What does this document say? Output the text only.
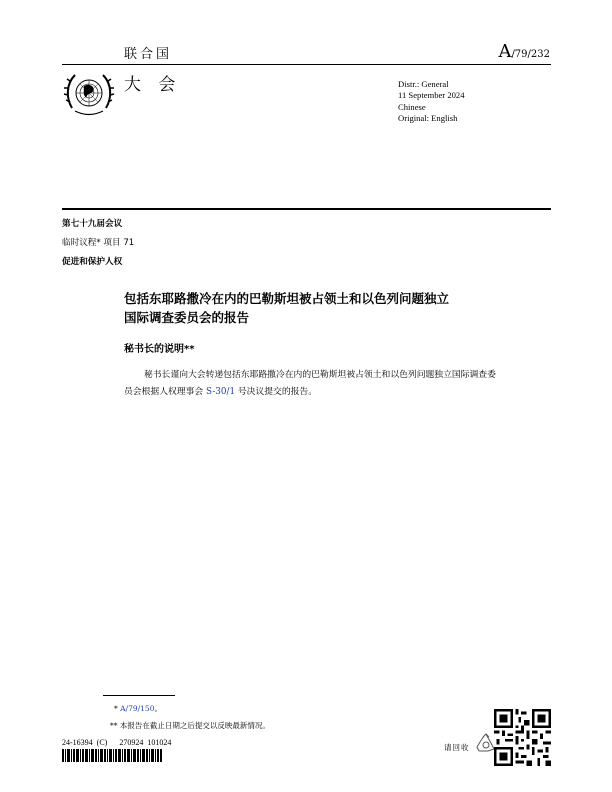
联合国	A/79/232
大 会	Distr.: General
11 September 2024
Chinese
Original: English
第七十九届会议
临时议程* 项目 71
促进和保护人权
包括东耶路撒冷在内的巴勒斯坦被占领土和以色列问题独立
国际调查委员会的报告
秘书长的说明**
秘书长谨向大会转递包括东耶路撒冷在内的巴勒斯坦被占领土和以色列问题独立国际调查委员会根据人权理事会 S-30/1 号决议提交的报告。
* A/79/150。
** 本报告在截止日期之后提交以反映最新情况。
24-16394 (C) 270924 101024
请回收
